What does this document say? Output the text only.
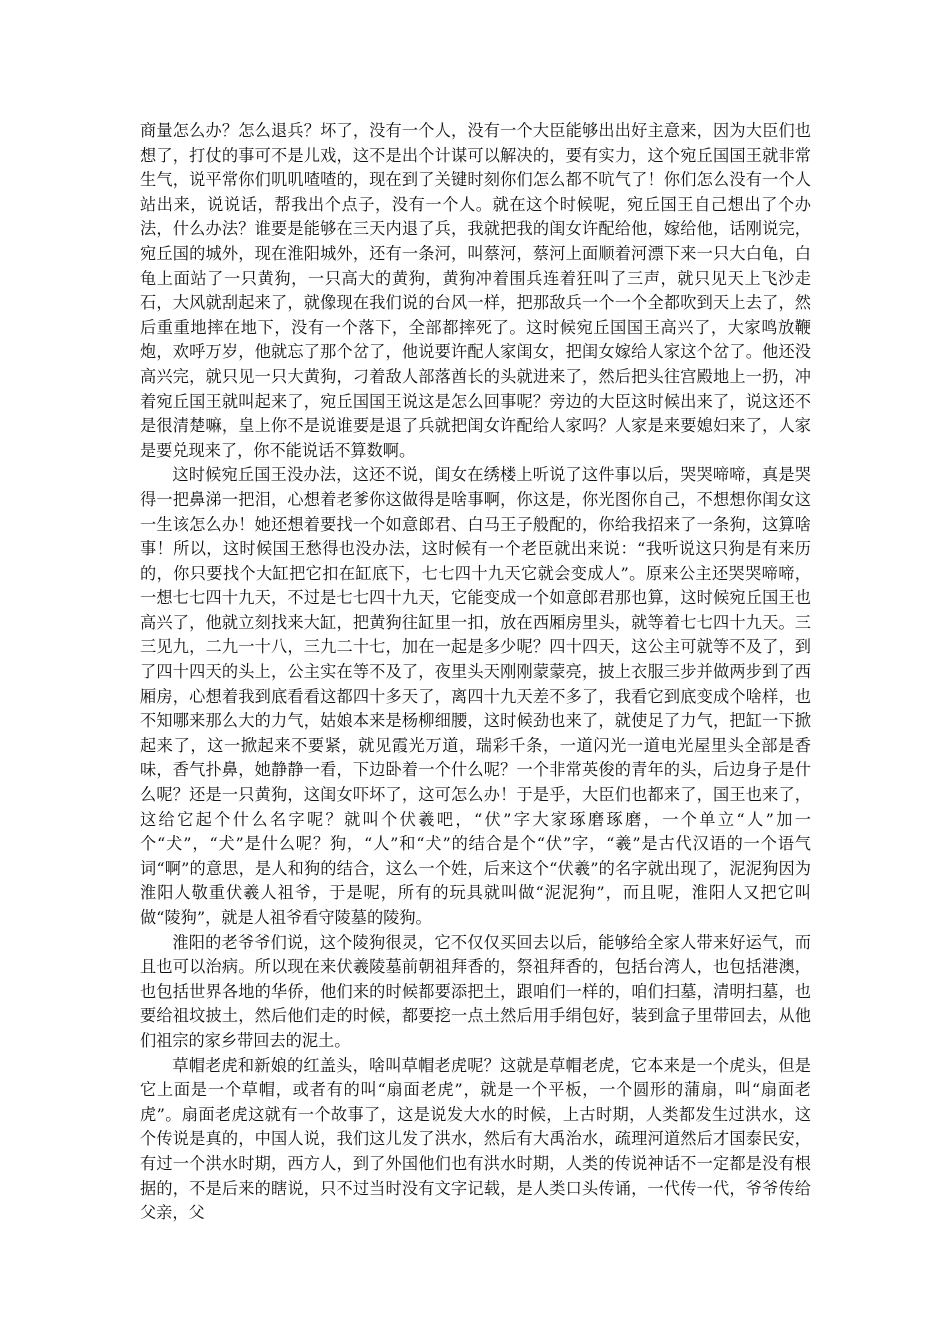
商量怎么办？怎么退兵？坏了，没有一个人，没有一个大臣能够出出好主意来，因为大臣们也想了，打仗的事可不是儿戏，这不是出个计谋可以解决的，要有实力，这个宛丘国国王就非常生气，说平常你们叽叽喳喳的，现在到了关键时刻你们怎么都不吭气了！你们怎么没有一个人站出来，说说话，帮我出个点子，没有一个人。就在这个时候呢，宛丘国王自己想出了个办法，什么办法？谁要是能够在三天内退了兵，我就把我的闺女许配给他，嫁给他，话刚说完，宛丘国的城外，现在淮阳城外，还有一条河，叫蔡河，蔡河上面顺着河漂下来一只大白龟，白龟上面站了一只黄狗，一只高大的黄狗，黄狗冲着围兵连着狂叫了三声，就只见天上飞沙走石，大风就刮起来了，就像现在我们说的台风一样，把那敌兵一个一个全都吹到天上去了，然后重重地摔在地下，没有一个落下，全部都摔死了。这时候宛丘国国王高兴了，大家鸣放鞭炮，欢呼万岁，他就忘了那个岔了，他说要许配人家闺女，把闺女嫁给人家这个岔了。他还没高兴完，就只见一只大黄狗，刁着敌人部落酋长的头就进来了，然后把头往宫殿地上一扔，冲着宛丘国王就叫起来了，宛丘国国王说这是怎么回事呢？旁边的大臣这时候出来了，说这还不是很清楚嘛，皇上你不是说谁要是退了兵就把闺女许配给人家吗？人家是来要媳妇来了，人家是要兑现来了，你不能说话不算数啊。

这时候宛丘国王没办法，这还不说，闺女在绣楼上听说了这件事以后，哭哭啼啼，真是哭得一把鼻涕一把泪，心想着老爹你这做得是啥事啊，你这是，你光图你自己，不想想你闺女这一生该怎么办！她还想着要找一个如意郎君、白马王子般配的，你给我招来了一条狗，这算啥事！所以，这时候国王愁得也没办法，这时候有一个老臣就出来说：“我听说这只狗是有来历的，你只要找个大缸把它扣在缸底下，七七四十九天它就会变成人”。原来公主还哭哭啼啼，一想七七四十九天，不过是七七四十九天，它能变成一个如意郎君那也算，这时候宛丘国王也高兴了，他就立刻找来大缸，把黄狗往缸里一扣，放在西厢房里头，就等着七七四十九天。三三见九，二九一十八，三九二十七，加在一起是多少呢？四十四天，这公主可就等不及了，到了四十四天的头上，公主实在等不及了，夜里头天刚刚蒙蒙亮，披上衣服三步并做两步到了西厢房，心想着我到底看看这都四十多天了，离四十九天差不多了，我看它到底变成个啥样，也不知哪来那么大的力气，姑娘本来是杨柳细腰，这时候劲也来了，就使足了力气，把缸一下掀起来了，这一掀起来不要紧，就见霞光万道，瑞彩千条，一道闪光一道电光屋里头全部是香味，香气扑鼻，她静静一看，下边卧着一个什么呢？一个非常英俊的青年的头，后边身子是什么呢？还是一只黄狗，这闺女吓坏了，这可怎么办！于是乎，大臣们也都来了，国王也来了，这给它起个什么名字呢？就叫个伏羲吧，“伏”字大家琢磨琢磨，一个单立“人”加一个“犬”，“犬”是什么呢？狗，“人”和“犬”的结合是个“伏”字，“羲”是古代汉语的一个语气词“啊”的意思，是人和狗的结合，这么一个姓，后来这个“伏羲”的名字就出现了，泥泥狗因为淮阳人敬重伏羲人祖爷，于是呢，所有的玩具就叫做“泥泥狗”，而且呢，淮阳人又把它叫做“陵狗”，就是人祖爷看守陵墓的陵狗。

淮阳的老爷爷们说，这个陵狗很灵，它不仅仅买回去以后，能够给全家人带来好运气，而且也可以治病。所以现在来伏羲陵墓前朝祖拜香的，祭祖拜香的，包括台湾人，也包括港澳，也包括世界各地的华侨，他们来的时候都要添把土，跟咱们一样的，咱们扫墓，清明扫墓，也要给祖坟披土，然后他们走的时候，都要挖一点土然后用手绢包好，装到盒子里带回去，从他们祖宗的家乡带回去的泥土。

草帽老虎和新娘的红盖头，啥叫草帽老虎呢？这就是草帽老虎，它本来是一个虎头，但是它上面是一个草帽，或者有的叫“扇面老虎”，就是一个平板，一个圆形的蒲扇，叫“扇面老虎”。扇面老虎这就有一个故事了，这是说发大水的时候，上古时期，人类都发生过洪水，这个传说是真的，中国人说，我们这儿发了洪水，然后有大禹治水，疏理河道然后才国泰民安，有过一个洪水时期，西方人，到了外国他们也有洪水时期，人类的传说神话不一定都是没有根据的，不是后来的瞎说，只不过当时没有文字记载，是人类口头传诵，一代传一代，爷爷传给父亲，父
